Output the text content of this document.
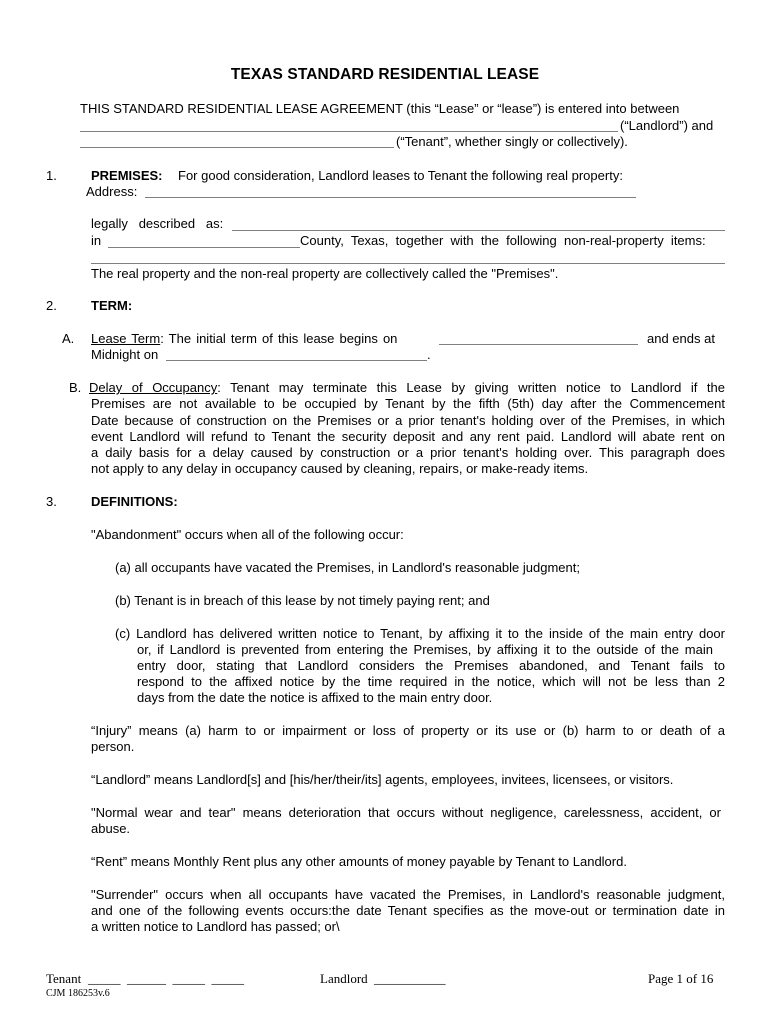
TEXAS STANDARD RESIDENTIAL LEASE
THIS STANDARD RESIDENTIAL LEASE AGREEMENT (this “Lease” or “lease”) is entered into between
(“Landlord”) and
(“Tenant”, whether singly or collectively).
1.	PREMISES: For good consideration, Landlord leases to Tenant the following real property:
Address:
legally   described   as:
in	County,  Texas,  together  with  the  following  non-real-property  items:
The real property and the non-real property are collectively called the "Premises".
2.	TERM:
A. Lease Term: The initial term of this lease begins on	and ends at
Midnight on	.
B. Delay of Occupancy: Tenant may terminate this Lease by giving written notice to Landlord if the
Premises are not available to be occupied by Tenant by the fifth (5th) day after the Commencement
Date because of construction on the Premises or a prior tenant's holding over of the Premises, in which
event Landlord will refund to Tenant the security deposit and any rent paid. Landlord will abate rent on
a daily basis for a delay caused by construction or a prior tenant's holding over. This paragraph does
not apply to any delay in occupancy caused by cleaning, repairs, or make-ready items.
3.	DEFINITIONS:
"Abandonment" occurs when all of the following occur:
(a) all occupants have vacated the Premises, in Landlord's reasonable judgment;
(b) Tenant is in breach of this lease by not timely paying rent; and
(c) Landlord has delivered written notice to Tenant, by affixing it to the inside of the main entry door
or, if Landlord is prevented from entering the Premises, by affixing it to the outside of the main
entry door, stating that Landlord considers the Premises abandoned, and Tenant fails to
respond to the affixed notice by the time required in the notice, which will not be less than 2
days from the date the notice is affixed to the main entry door.
“Injury” means (a) harm to or impairment or loss of property or its use or (b) harm to or death of a
person.
“Landlord” means Landlord[s] and [his/her/their/its] agents, employees, invitees, licensees, or visitors.
"Normal wear and tear" means deterioration that occurs without negligence, carelessness, accident, or
abuse.
“Rent” means Monthly Rent plus any other amounts of money payable by Tenant to Landlord.
"Surrender" occurs when all occupants have vacated the Premises, in Landlord's reasonable judgment,
and one of the following events occurs:the date Tenant specifies as the move-out or termination date in
a written notice to Landlord has passed; or\
Tenant _____  ______  _____  _____	Landlord ___________	Page 1 of 16
CJM 186253v.6
